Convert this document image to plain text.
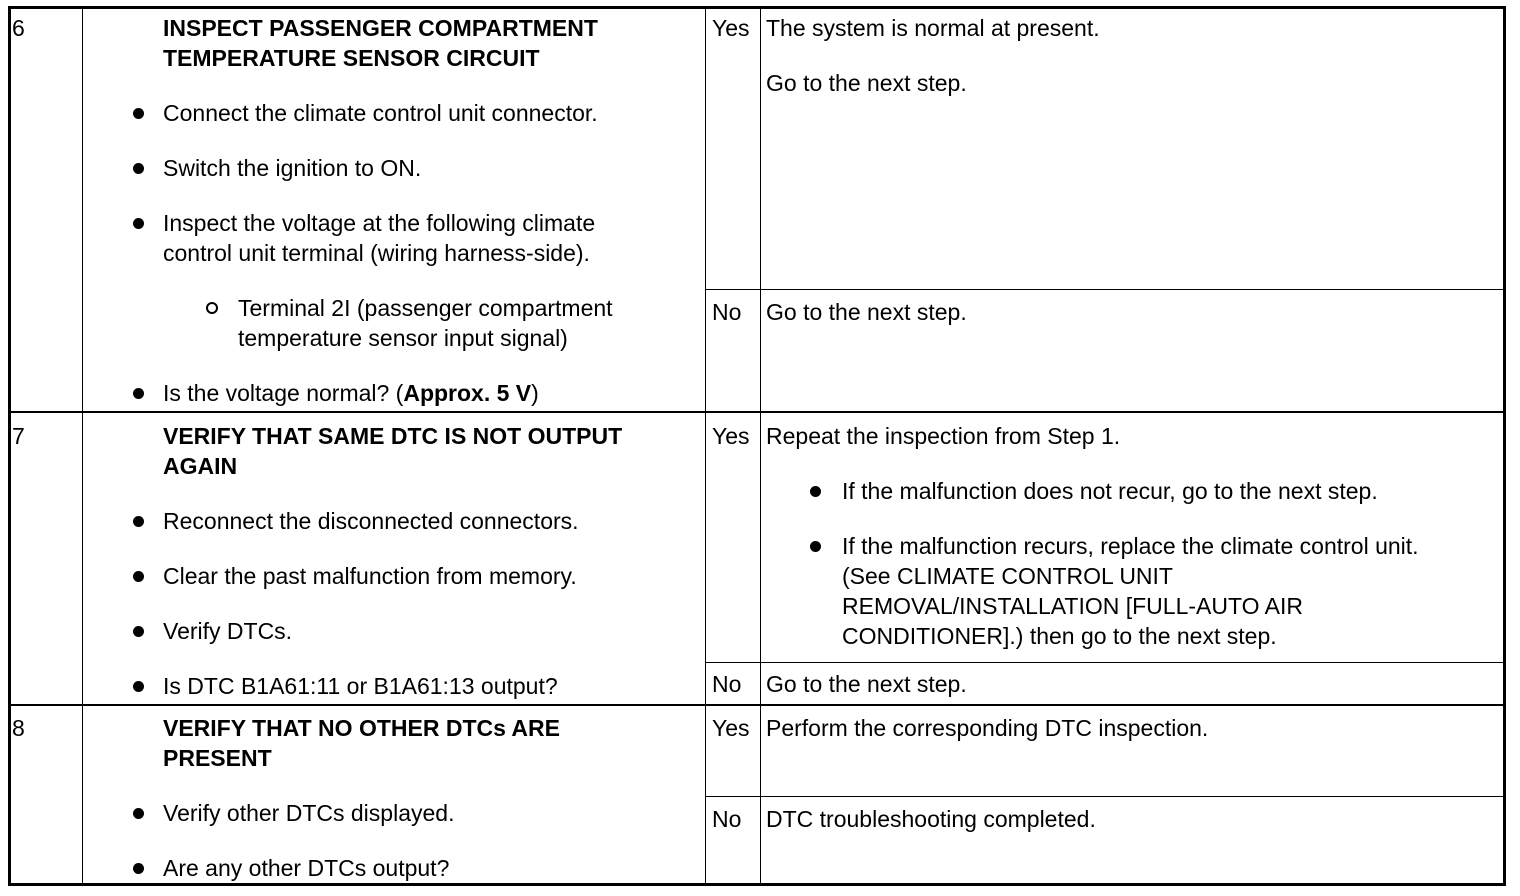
6	INSPECT PASSENGER COMPARTMENT
TEMPERATURE SENSOR CIRCUIT
Connect the climate control unit connector.
Switch the ignition to ON.
Inspect the voltage at the following climate
control unit terminal (wiring harness-side).
Terminal 2I (passenger compartment
temperature sensor input signal)
Is the voltage normal? (Approx. 5 V)
Yes The system is normal at present.
Go to the next step.
No Go to the next step.
7	VERIFY THAT SAME DTC IS NOT OUTPUT
AGAIN
Reconnect the disconnected connectors.
Clear the past malfunction from memory.
Verify DTCs.
Is DTC B1A61:11 or B1A61:13 output?
Yes Repeat the inspection from Step 1.
If the malfunction does not recur, go to the next step.
If the malfunction recurs, replace the climate control unit.
(See CLIMATE CONTROL UNIT
REMOVAL/INSTALLATION [FULL-AUTO AIR
CONDITIONER].) then go to the next step.
No Go to the next step.
8	VERIFY THAT NO OTHER DTCs ARE
PRESENT
Verify other DTCs displayed.
Are any other DTCs output?
Yes Perform the corresponding DTC inspection.
No DTC troubleshooting completed.
